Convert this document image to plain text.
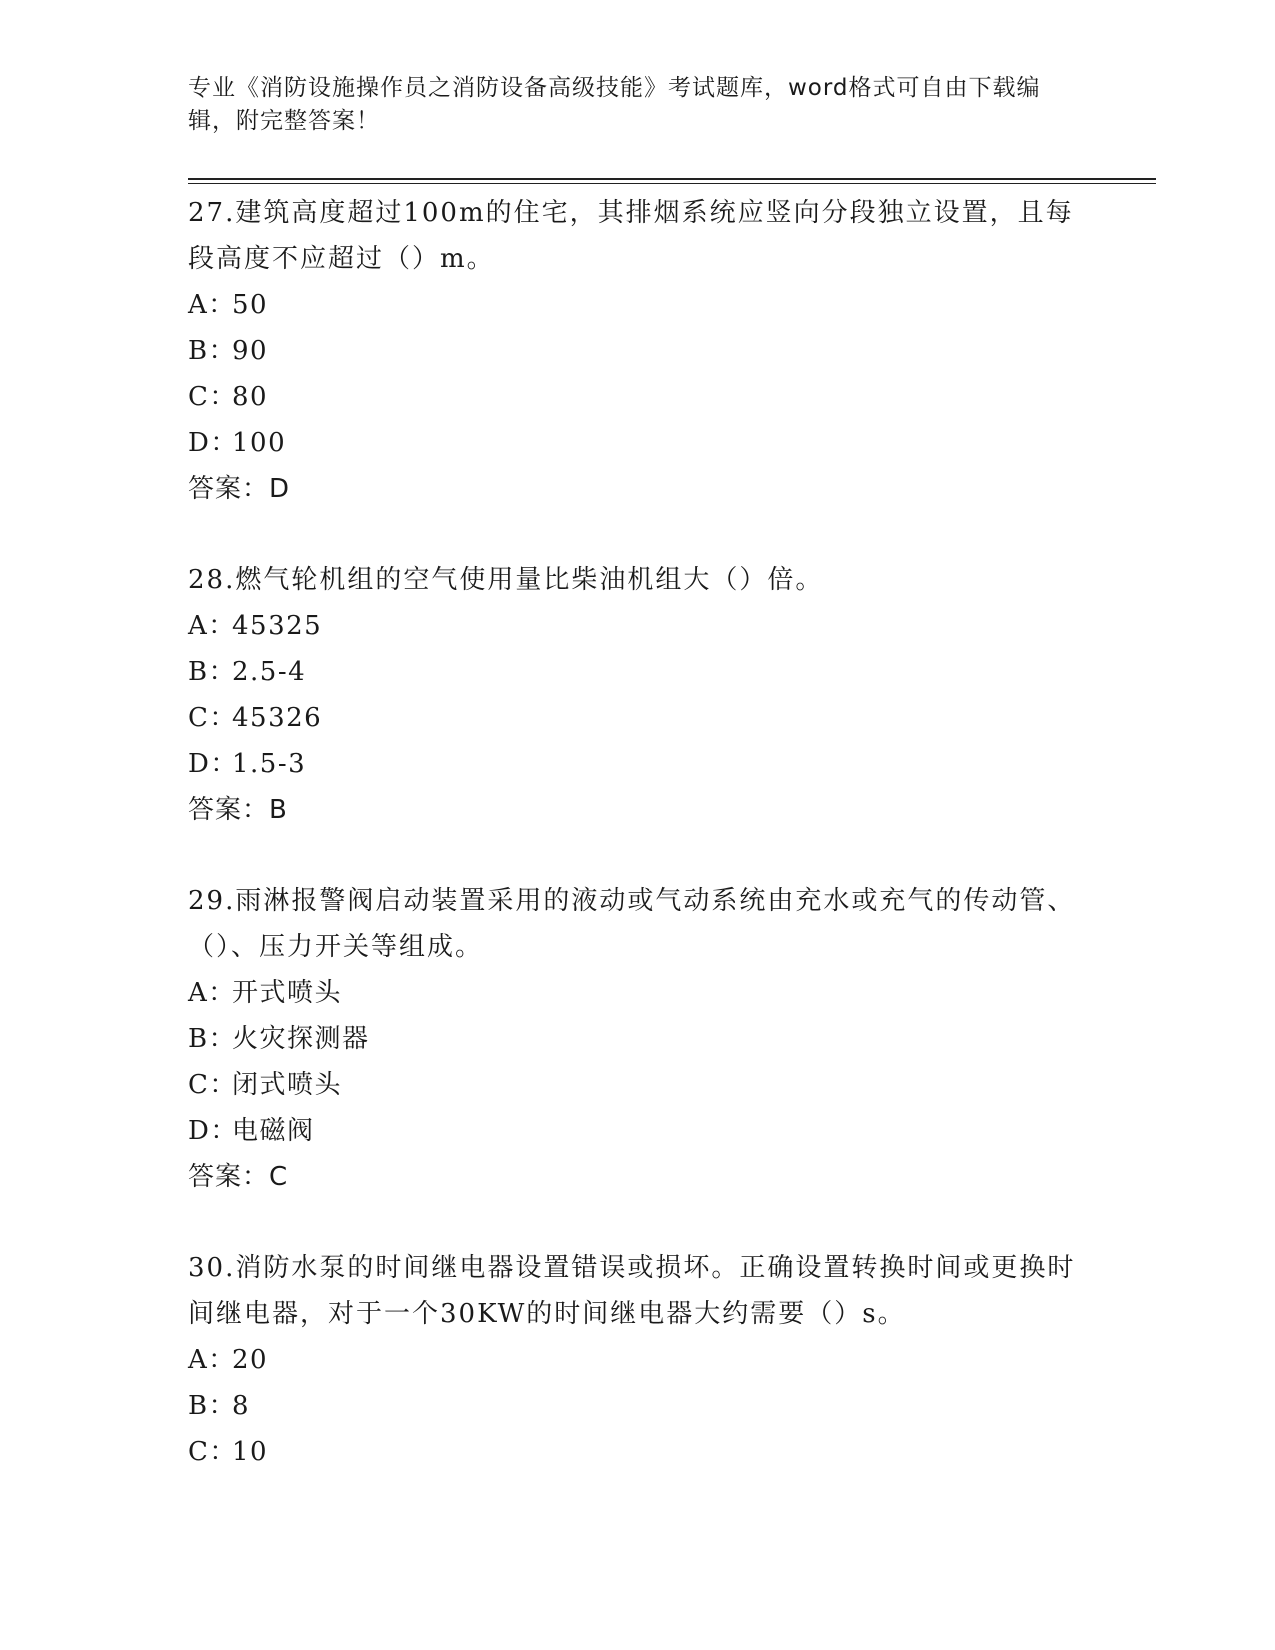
专业《消防设施操作员之消防设备高级技能》考试题库，word格式可自由下载编辑，附完整答案！

27.建筑高度超过100m的住宅，其排烟系统应竖向分段独立设置，且每段高度不应超过（）m。

A：
50
B：
90
C：
80
D：
100
答案：D

28.燃气轮机组的空气使用量比柴油机组大（）倍。

A：
45325
B：
2.5-4
C：
45326
D：
1.5-3
答案：B

29.雨淋报警阀启动装置采用的液动或气动系统由充水或充气的传动管、（）、压力开关等组成。

A：
开式喷头
B：
火灾探测器
C：
闭式喷头
D：
电磁阀
答案：C

30.消防水泵的时间继电器设置错误或损坏。正确设置转换时间或更换时间继电器，对于一个30KW的时间继电器大约需要（）s。

A：
20
B：
8
C：
10
